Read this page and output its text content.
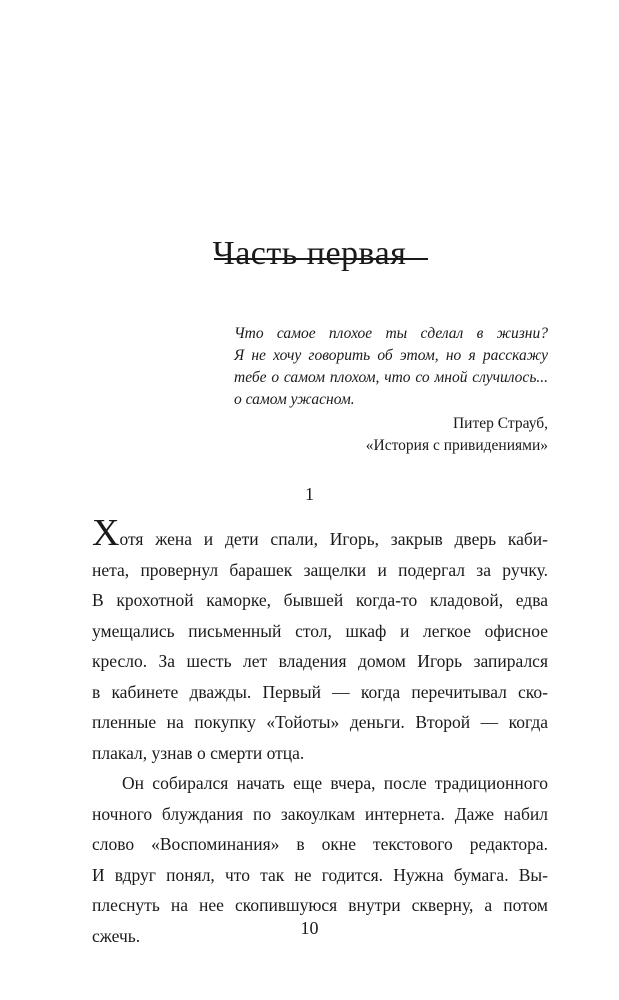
Часть первая
Что самое плохое ты сделал в жизни?
Я не хочу говорить об этом, но я расскажу
тебе о самом плохом, что со мной случилось...
о самом ужасном.
Питер Страуб,
«История с привидениями»
1
Хотя жена и дети спали, Игорь, закрыв дверь каби-
нета, провернул барашек защелки и подергал за ручку.
В крохотной каморке, бывшей когда-то кладовой, едва
умещались письменный стол, шкаф и легкое офисное
кресло. За шесть лет владения домом Игорь запирался
в кабинете дважды. Первый — когда перечитывал ско-
пленные на покупку «Тойоты» деньги. Второй — когда
плакал, узнав о смерти отца.
Он собирался начать еще вчера, после традиционного
ночного блуждания по закоулкам интернета. Даже набил
слово «Воспоминания» в окне текстового редактора.
И вдруг понял, что так не годится. Нужна бумага. Вы-
плеснуть на нее скопившуюся внутри скверну, а потом
сжечь.	10
